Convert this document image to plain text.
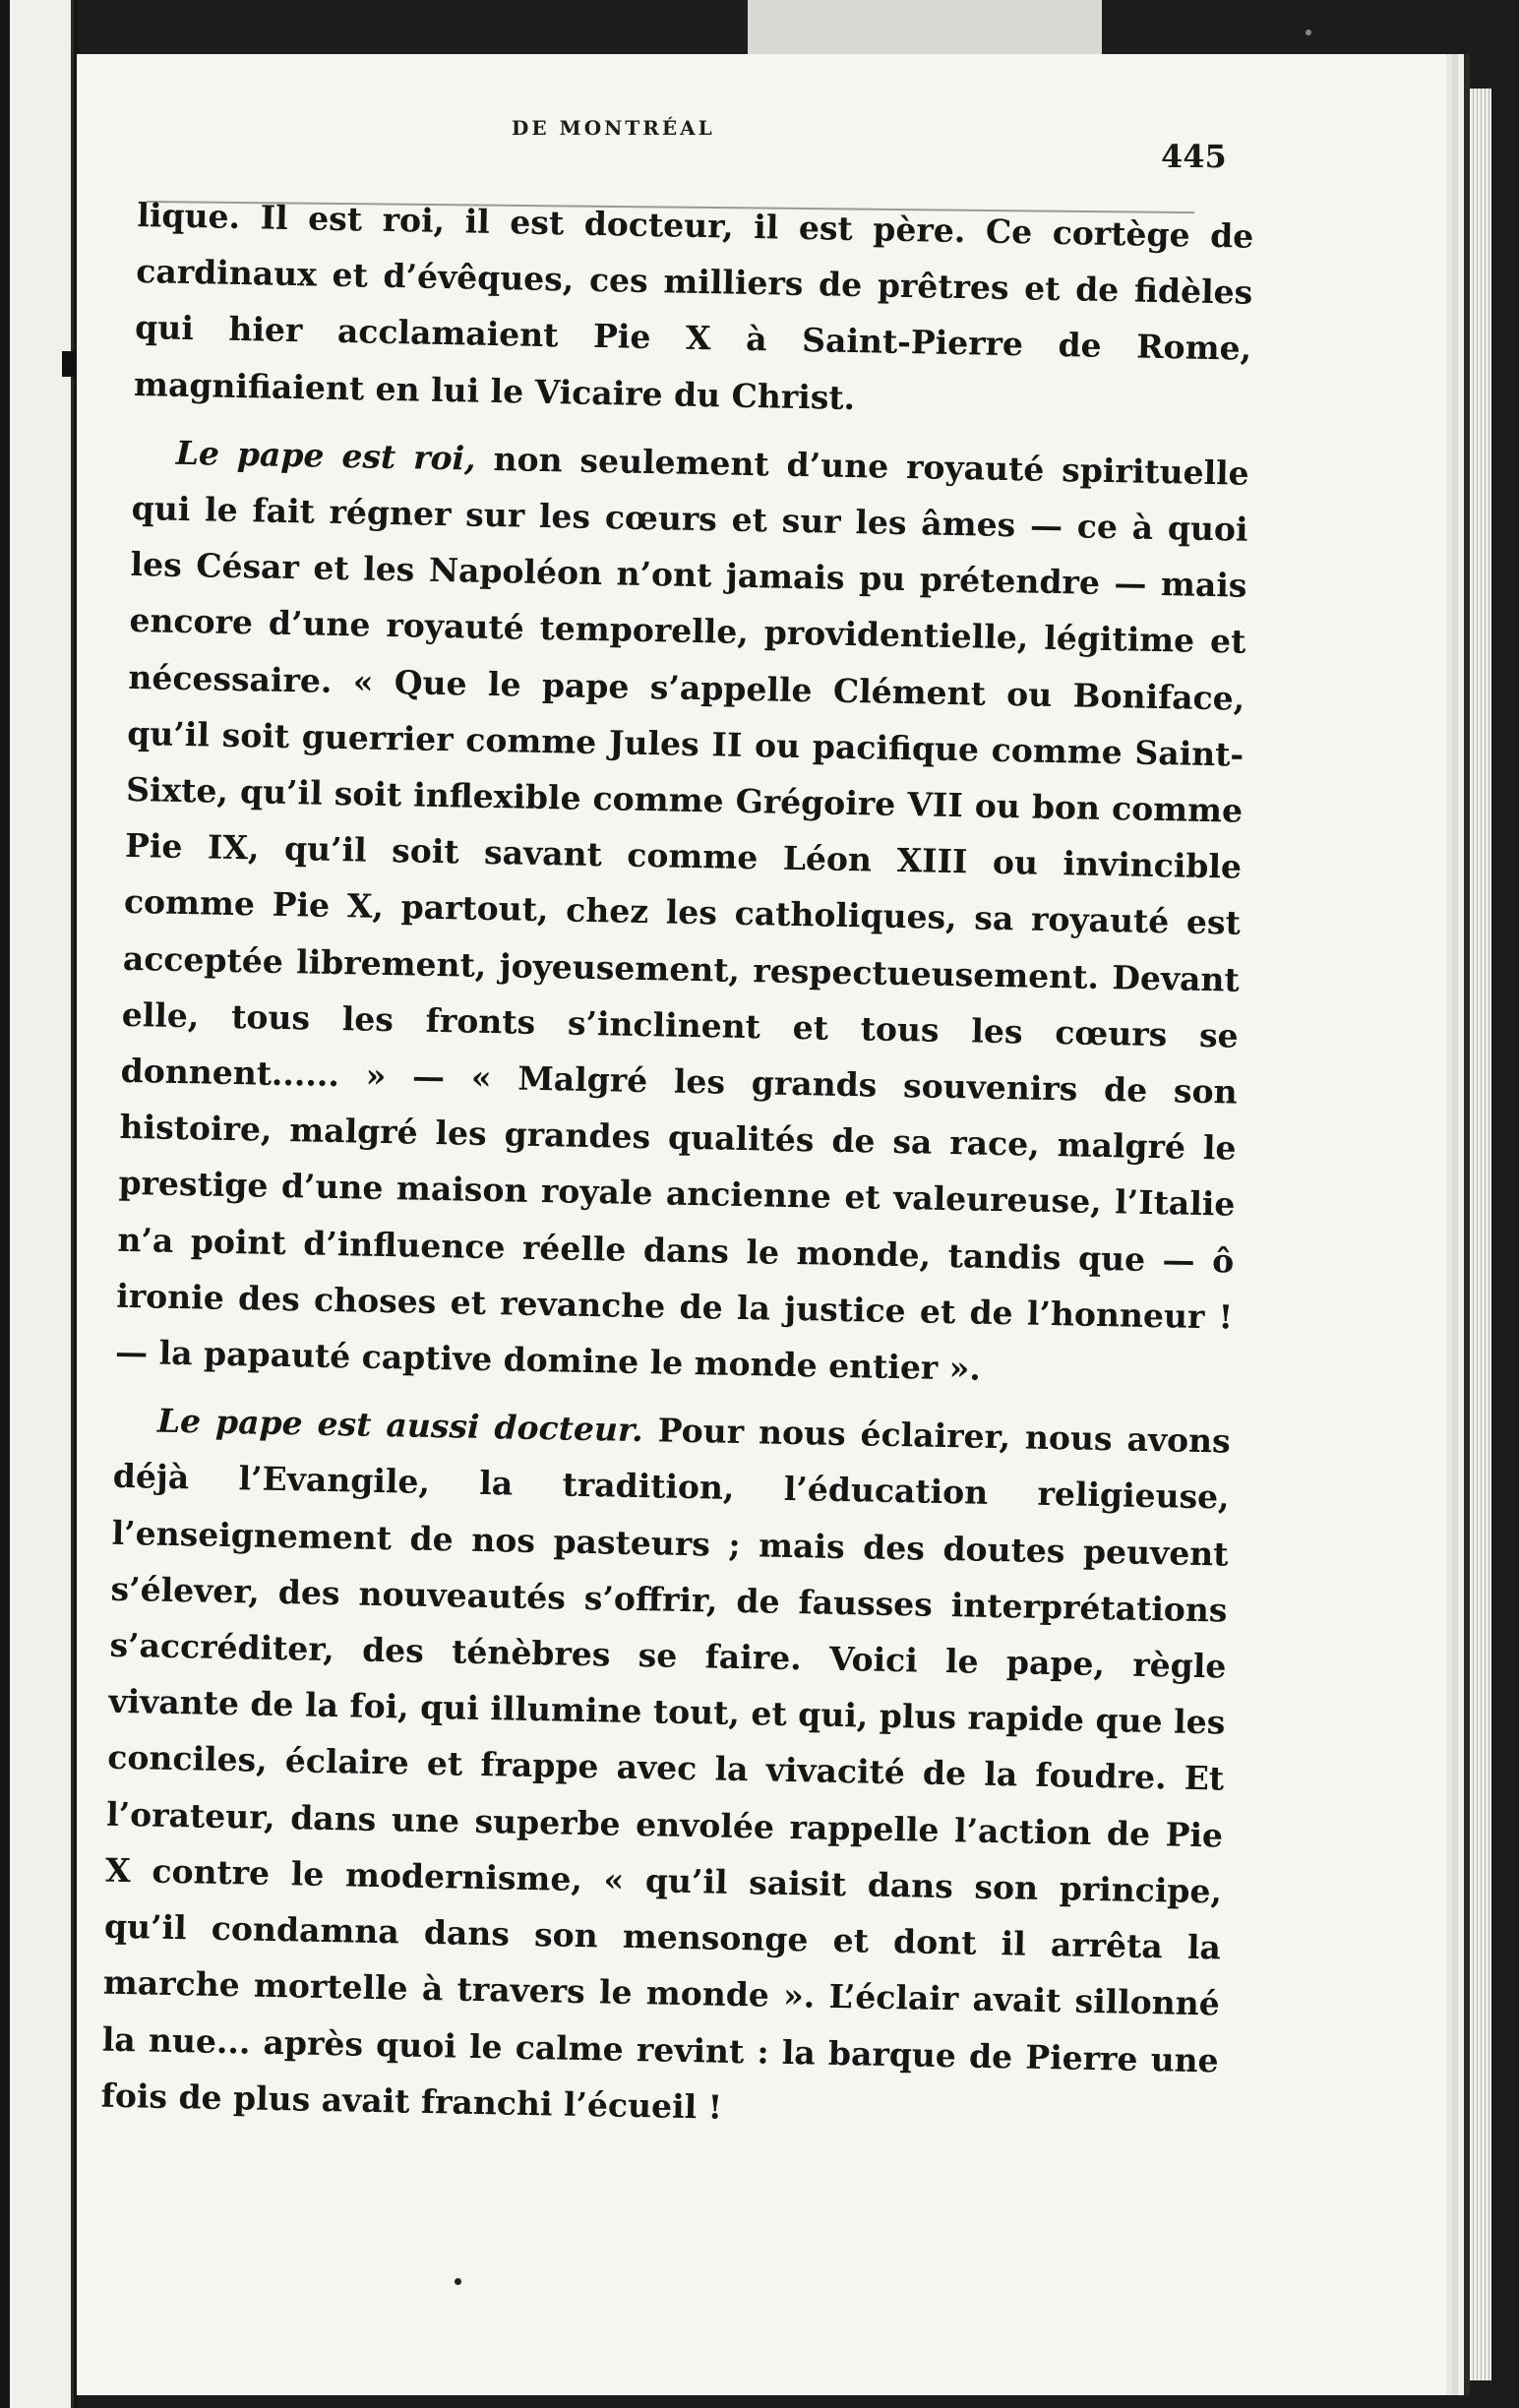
DE MONTRÉAL
445

lique. Il est roi, il est docteur, il est père. Ce cortège de cardinaux et d’évêques, ces milliers de prêtres et de fidèles qui hier acclamaient Pie X à Saint-Pierre de Rome, magnifiaient en lui le Vicaire du Christ.

Le pape est roi, non seulement d’une royauté spirituelle qui le fait régner sur les cœurs et sur les âmes — ce à quoi les César et les Napoléon n’ont jamais pu prétendre — mais encore d’une royauté temporelle, providentielle, légitime et nécessaire. « Que le pape s’appelle Clément ou Boniface, qu’il soit guerrier comme Jules II ou pacifique comme Saint-Sixte, qu’il soit inflexible comme Grégoire VII ou bon comme Pie IX, qu’il soit savant comme Léon XIII ou invincible comme Pie X, partout, chez les catholiques, sa royauté est acceptée librement, joyeusement, respectueusement. Devant elle, tous les fronts s’inclinent et tous les cœurs se donnent...... » — « Malgré les grands souvenirs de son histoire, malgré les grandes qualités de sa race, malgré le prestige d’une maison royale ancienne et valeureuse, l’Italie n’a point d’influence réelle dans le monde, tandis que — ô ironie des choses et revanche de la justice et de l’honneur ! — la papauté captive domine le monde entier ».

Le pape est aussi docteur. Pour nous éclairer, nous avons déjà l’Evangile, la tradition, l’éducation religieuse, l’enseignement de nos pasteurs ; mais des doutes peuvent s’élever, des nouveautés s’offrir, de fausses interprétations s’accréditer, des ténèbres se faire. Voici le pape, règle vivante de la foi, qui illumine tout, et qui, plus rapide que les conciles, éclaire et frappe avec la vivacité de la foudre. Et l’orateur, dans une superbe envolée rappelle l’action de Pie X contre le modernisme, « qu’il saisit dans son principe, qu’il condamna dans son mensonge et dont il arrêta la marche mortelle à travers le monde ». L’éclair avait sillonné la nue... après quoi le calme revint : la barque de Pierre une fois de plus avait franchi l’écueil !
